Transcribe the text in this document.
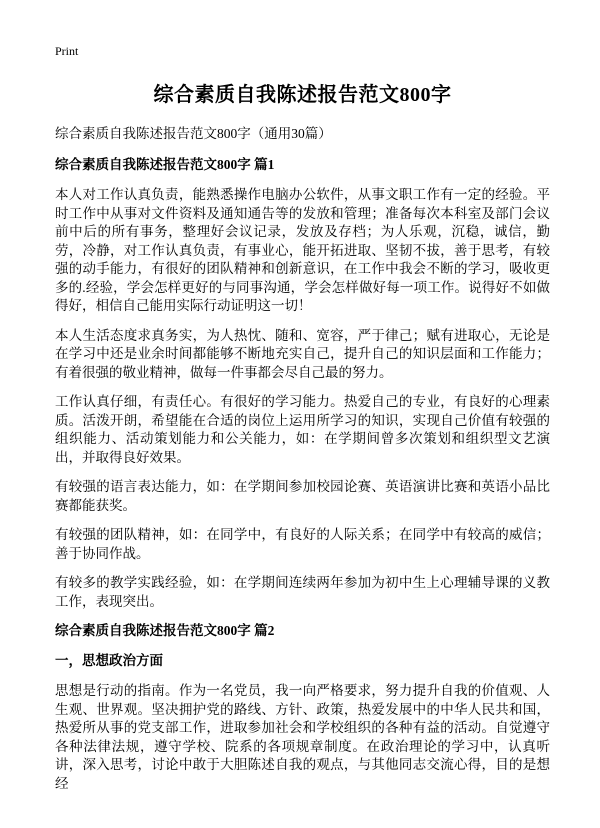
Print
综合素质自我陈述报告范文800字

综合素质自我陈述报告范文800字（通用30篇）

综合素质自我陈述报告范文800字 篇1

本人对工作认真负责，能熟悉操作电脑办公软件，从事文职工作有一定的经验。平时工作中从事对文件资料及通知通告等的发放和管理；准备每次本科室及部门会议前中后的所有事务，整理好会议记录，发放及存档；为人乐观，沉稳，诚信，勤劳，冷静，对工作认真负责，有事业心，能开拓进取、坚韧不拔，善于思考，有较强的动手能力，有很好的团队精神和创新意识，在工作中我会不断的学习，吸收更多的.经验，学会怎样更好的与同事沟通，学会怎样做好每一项工作。说得好不如做得好，相信自己能用实际行动证明这一切！

本人生活态度求真务实，为人热忱、随和、宽容，严于律己；赋有进取心，无论是在学习中还是业余时间都能够不断地充实自己，提升自己的知识层面和工作能力；有着很强的敬业精神，做每一件事都会尽自己最的努力。

工作认真仔细，有责任心。有很好的学习能力。热爱自己的专业，有良好的心理素质。活泼开朗，希望能在合适的岗位上运用所学习的知识，实现自己价值有较强的组织能力、活动策划能力和公关能力，如：在学期间曾多次策划和组织型文艺演出，并取得良好效果。

有较强的语言表达能力，如：在学期间参加校园论赛、英语演讲比赛和英语小品比赛都能获奖。

有较强的团队精神，如：在同学中，有良好的人际关系；在同学中有较高的威信；善于协同作战。

有较多的教学实践经验，如：在学期间连续两年参加为初中生上心理辅导课的义教工作，表现突出。

综合素质自我陈述报告范文800字 篇2
一，思想政治方面

思想是行动的指南。作为一名党员，我一向严格要求，努力提升自我的价值观、人生观、世界观。坚决拥护党的路线、方针、政策，热爱发展中的中华人民共和国，热爱所从事的党支部工作，进取参加社会和学校组织的各种有益的活动。自觉遵守各种法律法规，遵守学校、院系的各项规章制度。在政治理论的学习中，认真听讲，深入思考，讨论中敢于大胆陈述自我的观点，与其他同志交流心得，目的是想经
